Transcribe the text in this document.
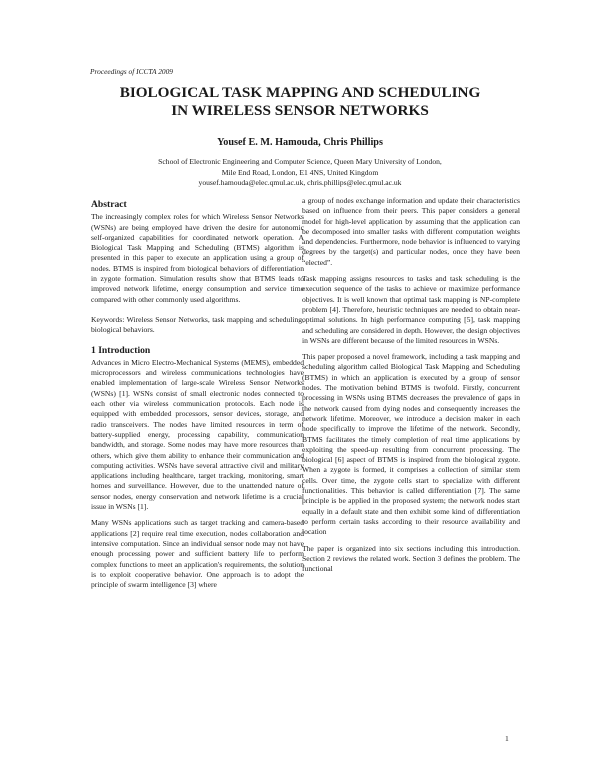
Proceedings of ICCTA 2009
BIOLOGICAL TASK MAPPING AND SCHEDULING
IN WIRELESS SENSOR NETWORKS
Yousef E. M. Hamouda, Chris Phillips
School of Electronic Engineering and Computer Science, Queen Mary University of London,
Mile End Road, London, E1 4NS, United Kingdom
yousef.hamouda@elec.qmul.ac.uk, chris.phillips@elec.qmul.ac.uk
Abstract

The increasingly complex roles for which Wireless Sensor Networks (WSNs) are being employed have driven the desire for autonomic self-organized capabilities for coordinated network operation. A Biological Task Mapping and Scheduling (BTMS) algorithm is presented in this paper to execute an application using a group of nodes. BTMS is inspired from biological behaviors of differentiation in zygote formation. Simulation results show that BTMS leads to improved network lifetime, energy consumption and service time compared with other commonly used algorithms.

Keywords: Wireless Sensor Networks, task mapping and scheduling, biological behaviors.

1 Introduction

Advances in Micro Electro-Mechanical Systems (MEMS), embedded microprocessors and wireless communications technologies have enabled implementation of large-scale Wireless Sensor Networks (WSNs) [1]. WSNs consist of small electronic nodes connected to each other via wireless communication protocols. Each node is equipped with embedded processors, sensor devices, storage, and radio transceivers. The nodes have limited resources in term of battery-supplied energy, processing capability, communication bandwidth, and storage. Some nodes may have more resources than others, which give them ability to enhance their communication and computing activities. WSNs have several attractive civil and military applications including healthcare, target tracking, monitoring, smart homes and surveillance. However, due to the unattended nature of sensor nodes, energy conservation and network lifetime is a crucial issue in WSNs [1].

Many WSNs applications such as target tracking and camera-based applications [2] require real time execution, nodes collaboration and intensive computation. Since an individual sensor node may not have enough processing power and sufficient battery life to perform complex functions to meet an application's requirements, the solution is to exploit cooperative behavior. One approach is to adopt the principle of swarm intelligence [3] where

a group of nodes exchange information and update their characteristics based on influence from their peers. This paper considers a general model for high-level application by assuming that the application can be decomposed into smaller tasks with different computation weights and dependencies. Furthermore, node behavior is influenced to varying degrees by the target(s) and particular nodes, once they have been “elected”.

Task mapping assigns resources to tasks and task scheduling is the execution sequence of the tasks to achieve or maximize performance objectives. It is well known that optimal task mapping is NP-complete problem [4]. Therefore, heuristic techniques are needed to obtain near-optimal solutions. In high performance computing [5], task mapping and scheduling are considered in depth. However, the design objectives in WSNs are different because of the limited resources in WSNs.

This paper proposed a novel framework, including a task mapping and scheduling algorithm called Biological Task Mapping and Scheduling (BTMS) in which an application is executed by a group of sensor nodes. The motivation behind BTMS is twofold. Firstly, concurrent processing in WSNs using BTMS decreases the prevalence of gaps in the network caused from dying nodes and consequently increases the network lifetime. Moreover, we introduce a decision maker in each node specifically to improve the lifetime of the network. Secondly, BTMS facilitates the timely completion of real time applications by exploiting the speed-up resulting from concurrent processing. The biological [6] aspect of BTMS is inspired from the biological zygote. When a zygote is formed, it comprises a collection of similar stem cells. Over time, the zygote cells start to specialize with different functionalities. This behavior is called differentiation [7]. The same principle is be applied in the proposed system; the network nodes start equally in a default state and then exhibit some kind of differentiation to perform certain tasks according to their resource availability and location

The paper is organized into six sections including this introduction. Section 2 reviews the related work. Section 3 defines the problem. The functional

1
